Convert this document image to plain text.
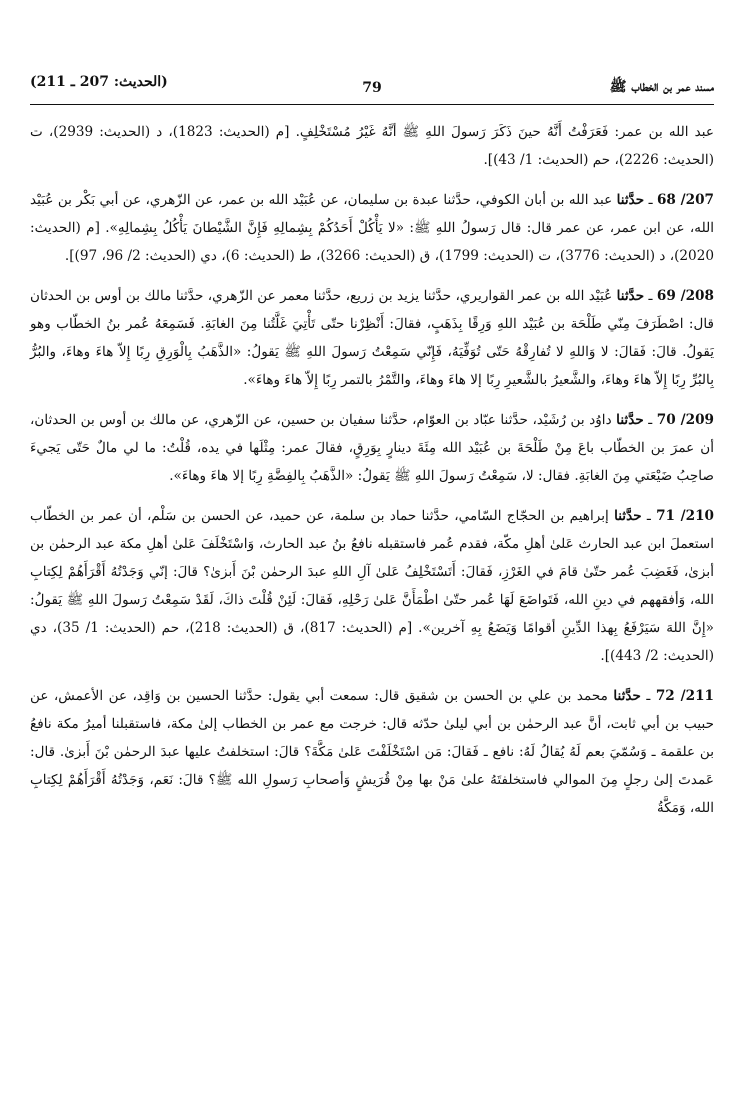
مسند عمر بن الخطاب ﷺ
79
(الحديث: 207 ـ 211)

عبد الله بن عمر: فَعَرَفْتُ أَنَّهُ حينَ ذَكَرَ رَسولَ اللهِ ﷺ أنَّهُ غَيْرُ مُسْتَخْلِفٍ. [م (الحديث: 1823)، د (الحديث: 2939)، ت (الحديث: 2226)، حم (الحديث: 1/ 43)].

207/ 68 ـ حدَّثنا عبد الله بن أبان الكوفي، حدَّثنا عبدة بن سليمان، عن عُبَيْد الله بن عمر، عن الزّهري، عن أبي بَكْر بن عُبَيْد الله، عن ابن عمر، عن عمر قال: قال رَسولُ اللهِ ﷺ: «لا يَأْكُلْ أَحَدُكُمْ بِشِمالِهِ فَإِنَّ الشَّيْطانَ يَأْكُلُ بِشِمالِهِ». [م (الحديث: 2020)، د (الحديث: 3776)، ت (الحديث: 1799)، ق (الحديث: 3266)، ط (الحديث: 6)، دي (الحديث: 2/ 96، 97)].

208/ 69 ـ حدَّثنا عُبَيْد الله بن عمر القواريري، حدَّثنا يزيد بن زريع، حدَّثنا معمر عن الزّهري، حدَّثنا مالك بن أوس بن الحدثان قال: اصْطَرَفَ مِنّي طَلْحَة بن عُبَيْد اللهِ وَرِقًا بِذَهَبٍ، فقالَ: أَنْظِرْنا حتّى تَأْتِيَ غَلَّتُنا مِنَ الغابَةِ. فَسَمِعَهُ عُمر بنُ الخطّاب وهو يَقولُ. قالَ: فَقالَ: لا وَاللهِ لا تُفارِقْهُ حَتّى تُوَفِّيَهُ، فَإِنّي سَمِعْتُ رَسولَ اللهِ ﷺ يَقولُ: «الذَّهَبُ بِالْوَرِقِ رِبًا إِلاّ هاءَ وهاءَ، والبُرُّ بِالبُرِّ رِبًا إِلاّ هاءَ وهاءَ، والشَّعيرُ بالشَّعيرِ رِبًا إلا هاءَ وهاءَ، والتَّمْرُ بالتمر رِبًا إِلاّ هاءَ وهاءَ».

209/ 70 ـ حدَّثنا داوُد بن رُشَيْد، حدَّثنا عبّاد بن العوّام، حدَّثنا سفيان بن حسين، عن الزّهري، عن مالك بن أوس بن الحدثان، أن عمرَ بن الخطّاب باعَ مِنْ طَلْحَةَ بن عُبَيْد الله مِئَةَ دينارٍ بِوَرِقٍ، فقالَ عمر: مِثْلَها في يده، قُلْتُ: ما لي مالٌ حَتّى يَجيءَ صاحِبُ ضَيْعَتي مِنَ الغابَةِ. فقال: لا، سَمِعْتُ رَسولَ اللهِ ﷺ يَقولُ: «الذَّهَبُ بِالفِضَّةِ رِبًا إلا هاءَ وهاءَ».

210/ 71 ـ حدَّثنا إبراهيم بن الحجّاج السّامي، حدَّثنا حماد بن سلمة، عن حميد، عن الحسن بن سَلْم، أن عمر بن الخطّاب استعملَ ابن عبد الحارث عَلىٰ أهلِ مكّة، فقدم عُمر فاستقبله نافعُ بنُ عبد الحارث، وَاسْتَخْلَفَ عَلىٰ أهلِ مكة عبد الرحمٰن بن أبزىٰ، فَغَضِبَ عُمر حتّىٰ قامَ في الغَرْزِ، فَقالَ: أَتَسْتَخْلِفُ عَلىٰ آلِ اللهِ عبدَ الرحمٰن بْنَ أَبزىٰ؟ قالَ: إنّي وَجَدْتُهُ أَقْرَأَهُمْ لِكِتابِ الله، وَأفقههم في دينِ الله، فَتَواضَعَ لَهَا عُمر حتّىٰ اطْمَأَنَّ عَلىٰ رَحْلِهِ، فَقالَ: لَئِنْ قُلْتَ ذاكَ، لَقَدْ سَمِعْتُ رَسولَ اللهِ ﷺ يَقولُ: «إِنَّ اللهَ سَيَرْفَعُ بِهذا الدِّينِ أقوامًا وَيَضَعُ بِهِ آخرين». [م (الحديث: 817)، ق (الحديث: 218)، حم (الحديث: 1/ 35)، دي (الحديث: 2/ 443)].

211/ 72 ـ حدَّثنا محمد بن علي بن الحسن بن شقيق قال: سمعت أبي يقول: حدَّثنا الحسين بن وَاقِد، عن الأعمش، عن حبيب بن أبي ثابت، أنَّ عبد الرحمٰن بن أبي ليلىٰ حدّثه قال: خرجت مع عمر بن الخطاب إلىٰ مكة، فاستقبلنا أميرُ مكة نافعُ بن علقمة ـ وَسُمّيَ بعم لَهُ يُقالُ لَهُ: نافع ـ فَقالَ: مَن اسْتَخْلَفْتَ عَلىٰ مَكَّةَ؟ قالَ: استخلفتُ عليها عبدَ الرحمٰن بْنَ أَبزىٰ. قال: عَمدتَ إلىٰ رجلٍ مِنَ الموالي فاستخلفتَهُ علىٰ مَنْ بها مِنْ قُرَيشٍ وَأصحابِ رَسولِ الله ﷺ؟ قالَ: نَعَم، وَجَدْتُهُ أَقْرَأَهُمْ لِكِتابِ الله، وَمَكَّةُ
